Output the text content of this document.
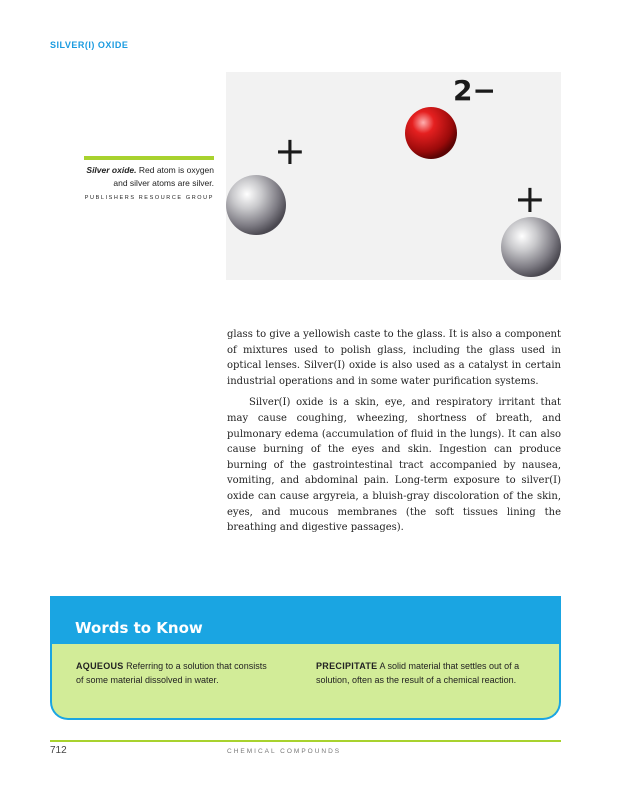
SILVER(I) OXIDE
2−
+
+
Silver oxide. Red atom is oxygen and silver atoms are silver. PUBLISHERS RESOURCE GROUP

glass to give a yellowish caste to the glass. It is also a component of mixtures used to polish glass, including the glass used in optical lenses. Silver(I) oxide is also used as a catalyst in certain industrial operations and in some water purification systems.

Silver(I) oxide is a skin, eye, and respiratory irritant that may cause coughing, wheezing, shortness of breath, and pulmonary edema (accumulation of fluid in the lungs). It can also cause burning of the eyes and skin. Ingestion can produce burning of the gastrointestinal tract accompanied by nausea, vomiting, and abdominal pain. Long-term exposure to silver(I) oxide can cause argyreia, a bluish-gray discoloration of the skin, eyes, and mucous membranes (the soft tissues lining the breathing and digestive passages).

Words to Know
AQUEOUS Referring to a solution that consists of some material dissolved in water.
PRECIPITATE A solid material that settles out of a solution, often as the result of a chemical reaction.
712	CHEMICAL COMPOUNDS
